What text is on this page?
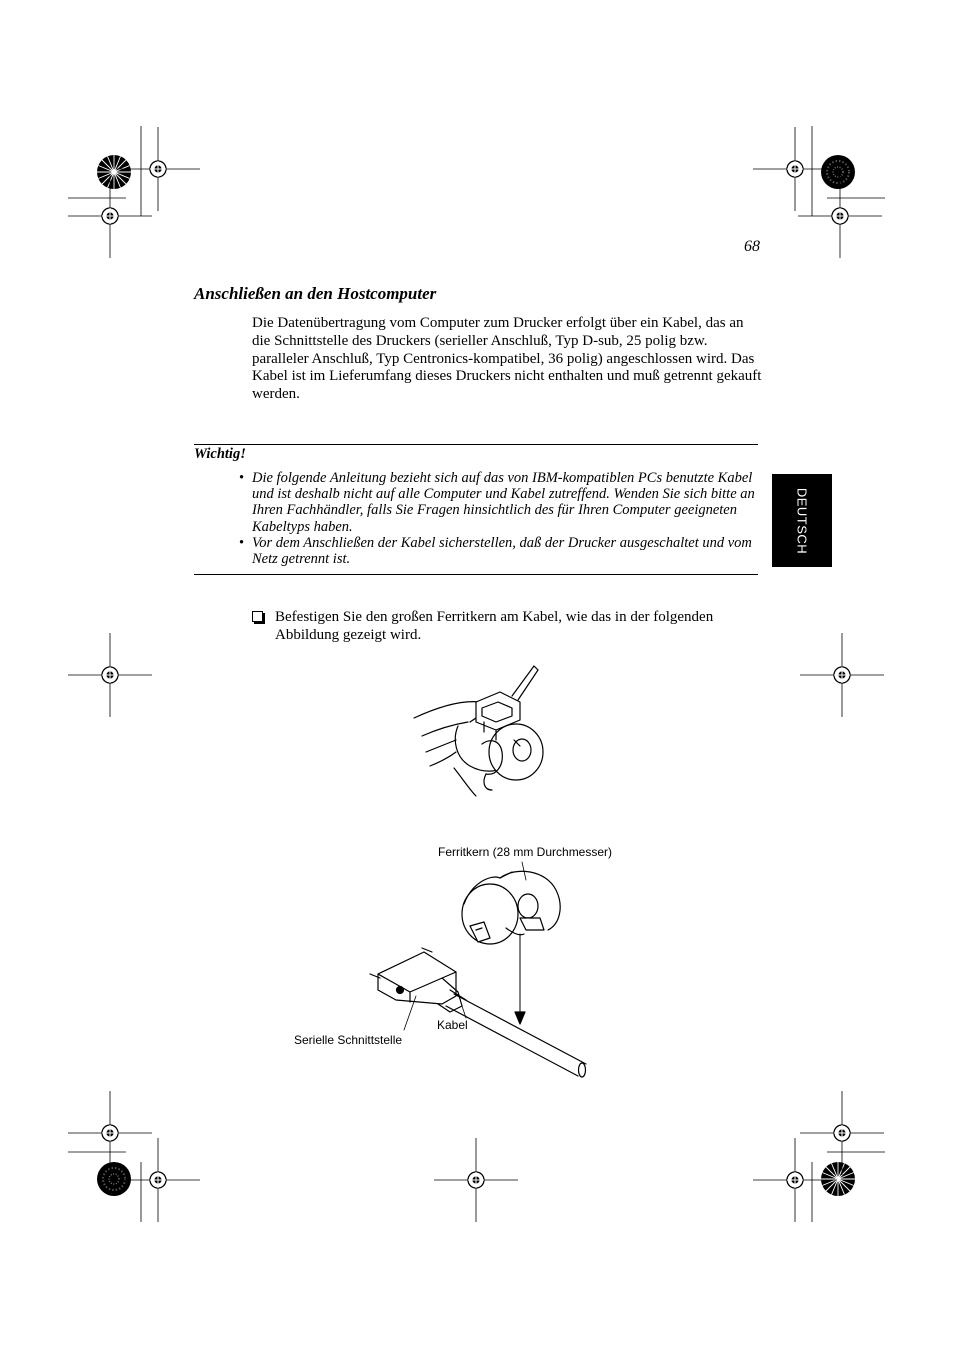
68
Anschließen an den Hostcomputer
Die Datenübertragung vom Computer zum Drucker erfolgt über ein Kabel, das an die Schnittstelle des Druckers (serieller Anschluß, Typ D-sub, 25 polig bzw. paralleler Anschluß, Typ Centronics-kompatibel, 36 polig) angeschlossen wird. Das Kabel ist im Lieferumfang dieses Druckers nicht enthalten und muß getrennt gekauft werden.
Wichtig!
• Die folgende Anleitung bezieht sich auf das von IBM-kompatiblen PCs benutzte Kabel und ist deshalb nicht auf alle Computer und Kabel zutreffend. Wenden Sie sich bitte an Ihren Fachhändler, falls Sie Fragen hinsichtlich des für Ihren Computer geeigneten Kabeltyps haben.
• Vor dem Anschließen der Kabel sicherstellen, daß der Drucker ausgeschaltet und vom Netz getrennt ist.
Befestigen Sie den großen Ferritkern am Kabel, wie das in der folgenden Abbildung gezeigt wird.
DEUTSCH
Ferritkern (28 mm Durchmesser)
Kabel
Serielle Schnittstelle
